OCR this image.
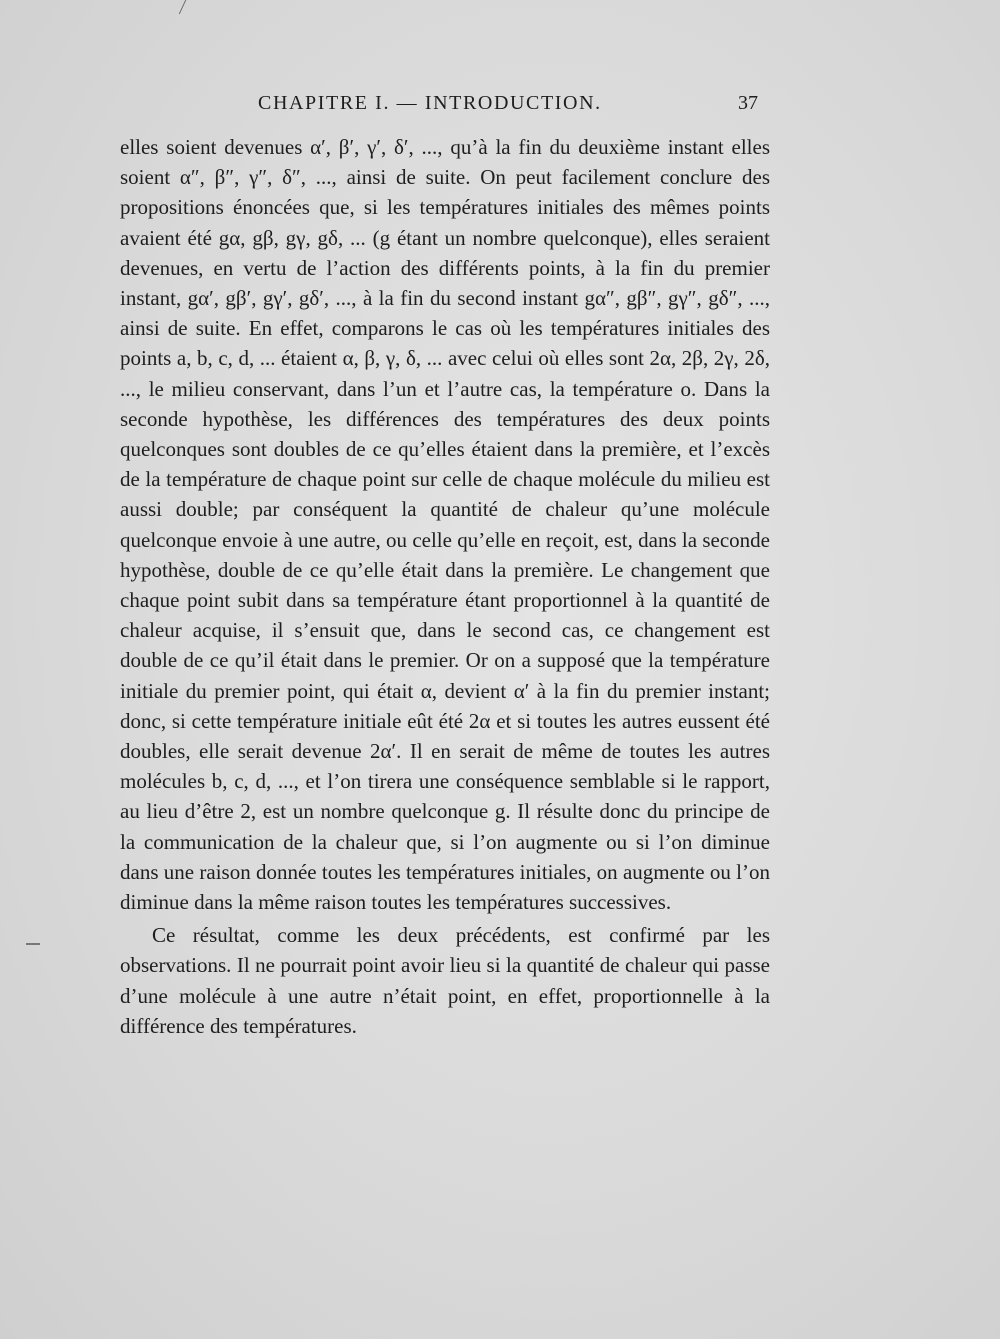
CHAPITRE I. — INTRODUCTION.	37

elles soient devenues α′, β′, γ′, δ′, ..., qu’à la fin du deuxième instant elles soient α″, β″, γ″, δ″, ..., ainsi de suite. On peut facilement conclure des propositions énoncées que, si les températures initiales des mêmes points avaient été gα, gβ, gγ, gδ, ... (g étant un nombre quelconque), elles seraient devenues, en vertu de l’action des différents points, à la fin du premier instant, gα′, gβ′, gγ′, gδ′, ..., à la fin du second instant gα″, gβ″, gγ″, gδ″, ..., ainsi de suite. En effet, comparons le cas où les températures initiales des points a, b, c, d, ... étaient α, β, γ, δ, ... avec celui où elles sont 2α, 2β, 2γ, 2δ, ..., le milieu conservant, dans l’un et l’autre cas, la température o. Dans la seconde hypothèse, les différences des températures des deux points quelconques sont doubles de ce qu’elles étaient dans la première, et l’excès de la température de chaque point sur celle de chaque molécule du milieu est aussi double; par conséquent la quantité de chaleur qu’une molécule quelconque envoie à une autre, ou celle qu’elle en reçoit, est, dans la seconde hypothèse, double de ce qu’elle était dans la première. Le changement que chaque point subit dans sa température étant proportionnel à la quantité de chaleur acquise, il s’ensuit que, dans le second cas, ce changement est double de ce qu’il était dans le premier. Or on a supposé que la température initiale du premier point, qui était α, devient α′ à la fin du premier instant; donc, si cette température initiale eût été 2α et si toutes les autres eussent été doubles, elle serait devenue 2α′. Il en serait de même de toutes les autres molécules b, c, d, ..., et l’on tirera une conséquence semblable si le rapport, au lieu d’être 2, est un nombre quelconque g. Il résulte donc du principe de la communication de la chaleur que, si l’on augmente ou si l’on diminue dans une raison donnée toutes les températures initiales, on augmente ou l’on diminue dans la même raison toutes les températures successives.

Ce résultat, comme les deux précédents, est confirmé par les observations. Il ne pourrait point avoir lieu si la quantité de chaleur qui passe d’une molécule à une autre n’était point, en effet, proportionnelle à la différence des températures.
